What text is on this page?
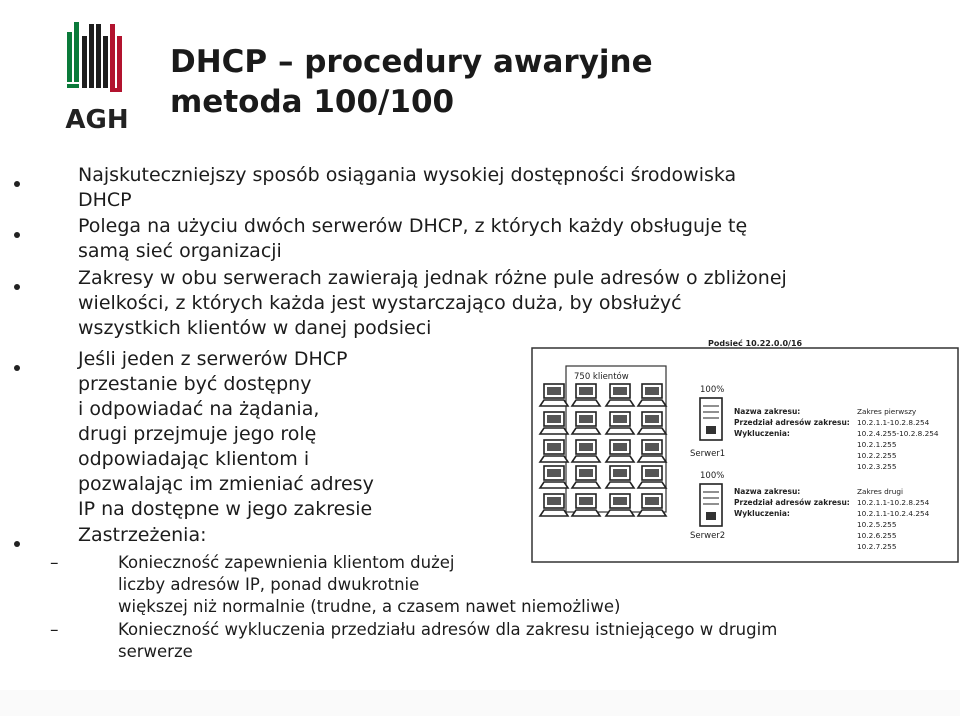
AGH
DHCP – procedury awaryjne
metoda 100/100

Najskuteczniejszy sposób osiągania wysokiej dostępności środowiska
DHCP

Polega na użyciu dwóch serwerów DHCP, z których każdy obsługuje tę
samą sieć organizacji

Zakresy w obu serwerach zawierają jednak różne pule adresów o zbliżonej
wielkości, z których każda jest wystarczająco duża, by obsłużyć
wszystkich klientów w danej podsieci

Jeśli jeden z serwerów DHCP
przestanie być dostępny
i odpowiadać na żądania,
drugi przejmuje jego rolę
odpowiadając klientom i
pozwalając im zmieniać adresy
IP na dostępne w jego zakresie

Zastrzeżenia:

–	Konieczność zapewnienia klientom dużej
liczby adresów IP, ponad dwukrotnie
większej niż normalnie (trudne, a czasem nawet niemożliwe)

–	Konieczność wykluczenia przedziału adresów dla zakresu istniejącego w drugim
serwerze

Podsieć 10.22.0.0/16
750 klientów
100%
Serwer1
Nazwa zakresu:
Przedział adresów zakresu:
Wykluczenia:
Zakres pierwszy
10.2.1.1-10.2.8.254
10.2.4.255-10.2.8.254
10.2.1.255
10.2.2.255
10.2.3.255
100%
Serwer2
Nazwa zakresu:
Przedział adresów zakresu:
Wykluczenia:
Zakres drugi
10.2.1.1-10.2.8.254
10.2.1.1-10.2.4.254
10.2.5.255
10.2.6.255
10.2.7.255
